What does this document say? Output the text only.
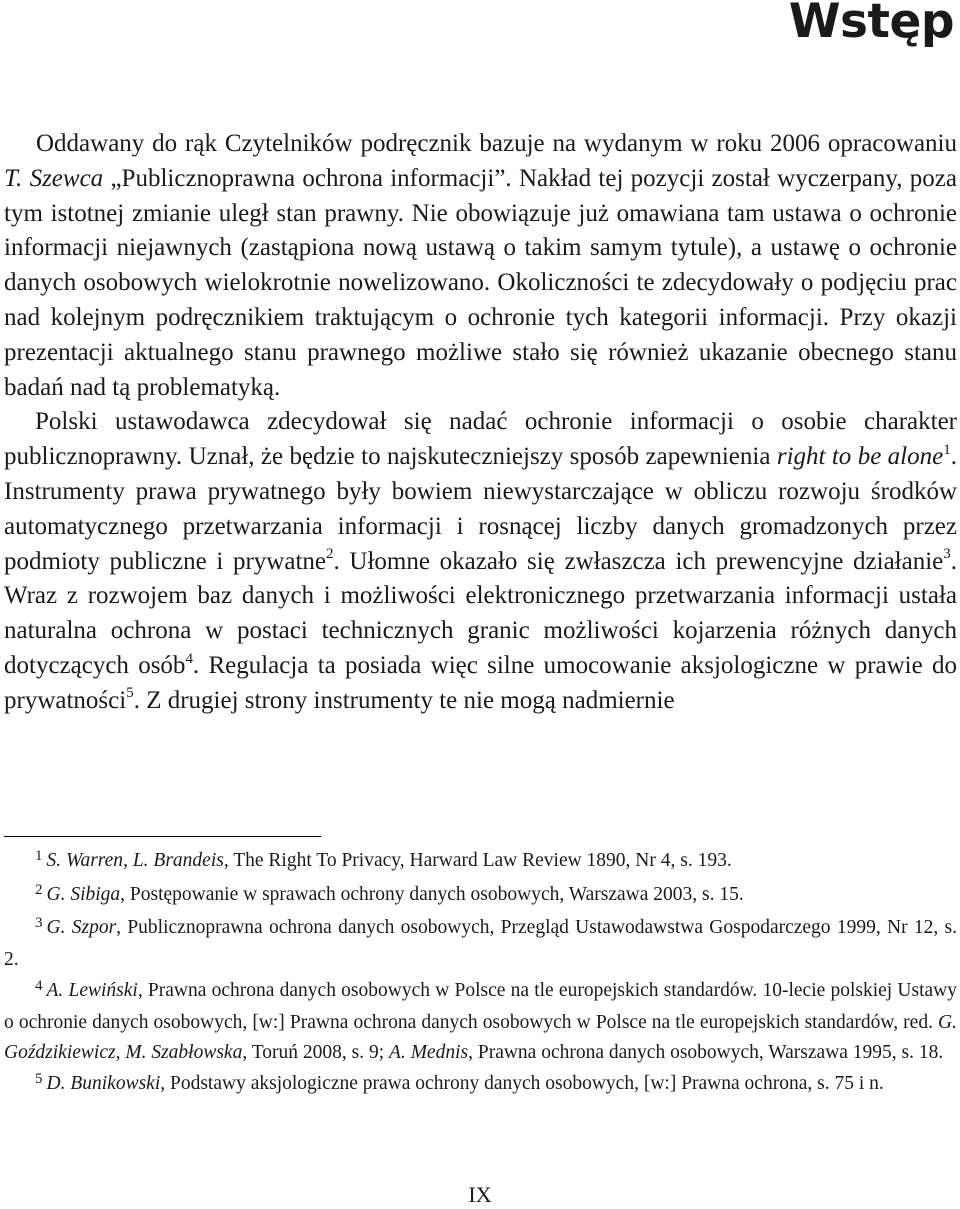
Wstęp

Oddawany do rąk Czytelników podręcznik bazuje na wydanym w roku 2006 opracowaniu T. Szewca „Publicznoprawna ochrona informacji”. Nakład tej pozycji został wyczerpany, poza tym istotnej zmianie uległ stan prawny. Nie obowiązuje już omawiana tam ustawa o ochronie informacji niejawnych (zastąpiona nową ustawą o takim samym tytule), a ustawę o ochronie danych osobowych wielokrotnie nowelizowano. Okoliczności te zdecydowały o podjęciu prac nad kolejnym podręcznikiem traktującym o ochronie tych kategorii informacji. Przy okazji prezentacji aktualnego stanu prawnego możliwe stało się również ukazanie obecnego stanu badań nad tą problematyką.

Polski ustawodawca zdecydował się nadać ochronie informacji o osobie charakter publicznoprawny. Uznał, że będzie to najskuteczniejszy sposób zapewnienia right to be alone$^1$. Instrumenty prawa prywatnego były bowiem niewystarczające w obliczu rozwoju środków automatycznego przetwarzania informacji i rosnącej liczby danych gromadzonych przez podmioty publiczne i prywatne$^2$. Ułomne okazało się zwłaszcza ich prewencyjne działanie$^3$. Wraz z rozwojem baz danych i możliwości elektronicznego przetwarzania informacji ustała naturalna ochrona w postaci technicznych granic możliwości kojarzenia różnych danych dotyczących osób$^4$. Regulacja ta posiada więc silne umocowanie aksjologiczne w prawie do prywatności$^5$. Z drugiej strony instrumenty te nie mogą nadmiernie

$^1$ S. Warren, L. Brandeis, The Right To Privacy, Harward Law Review 1890, Nr 4, s. 193.

$^2$ G. Sibiga, Postępowanie w sprawach ochrony danych osobowych, Warszawa 2003, s. 15.

$^3$ G. Szpor, Publicznoprawna ochrona danych osobowych, Przegląd Ustawodawstwa Gospodarczego 1999, Nr 12, s. 2.

$^4$ A. Lewiński, Prawna ochrona danych osobowych w Polsce na tle europejskich standardów. 10-lecie polskiej Ustawy o ochronie danych osobowych, [w:] Prawna ochrona danych osobowych w Polsce na tle europejskich standardów, red. G. Goździkiewicz, M. Szabłowska, Toruń 2008, s. 9; A. Mednis, Prawna ochrona danych osobowych, Warszawa 1995, s. 18.

$^5$ D. Bunikowski, Podstawy aksjologiczne prawa ochrony danych osobowych, [w:] Prawna ochrona, s. 75 i n.

IX
